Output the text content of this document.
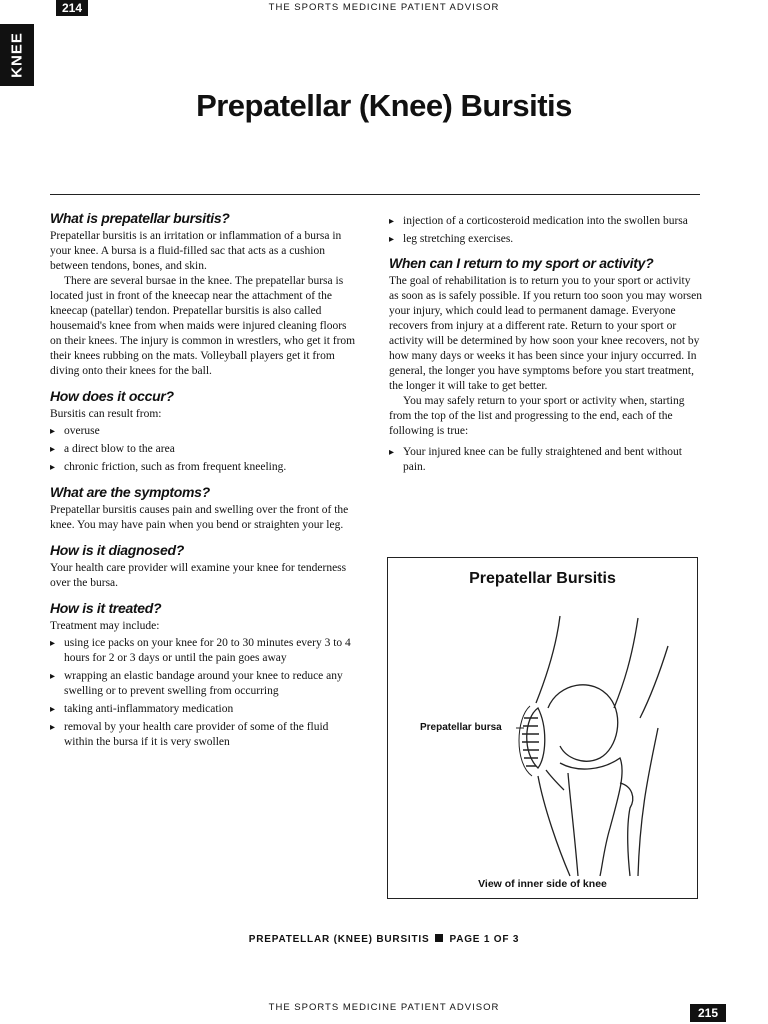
214	THE SPORTS MEDICINE PATIENT ADVISOR
KNEE
Prepatellar (Knee) Bursitis
What is prepatellar bursitis?

Prepatellar bursitis is an irritation or inflammation of a bursa in your knee. A bursa is a fluid-filled sac that acts as a cushion between tendons, bones, and skin.

There are several bursae in the knee. The prepatellar bursa is located just in front of the kneecap near the attachment of the kneecap (patellar) tendon. Prepatellar bursitis is also called housemaid's knee from when maids were injured cleaning floors on their knees. The injury is common in wrestlers, who get it from their knees rubbing on the mats. Volleyball players get it from diving onto their knees for the ball.

How does it occur?

Bursitis can result from:

▸ overuse
▸ a direct blow to the area
▸ chronic friction, such as from frequent kneeling.
What are the symptoms?

Prepatellar bursitis causes pain and swelling over the front of the knee. You may have pain when you bend or straighten your leg.

How is it diagnosed?

Your health care provider will examine your knee for tenderness over the bursa.

How is it treated?

Treatment may include:

▸ using ice packs on your knee for 20 to 30 minutes every 3 to 4 hours for 2 or 3 days or until the pain goes away
▸ wrapping an elastic bandage around your knee to reduce any swelling or to prevent swelling from occurring
▸ taking anti-inflammatory medication
▸ removal by your health care provider of some of the fluid within the bursa if it is very swollen
▸ injection of a corticosteroid medication into the swollen bursa
▸ leg stretching exercises.
When can I return to my sport or activity?

The goal of rehabilitation is to return you to your sport or activity as soon as is safely possible. If you return too soon you may worsen your injury, which could lead to permanent damage. Everyone recovers from injury at a different rate. Return to your sport or activity will be determined by how soon your knee recovers, not by how many days or weeks it has been since your injury occurred. In general, the longer you have symptoms before you start treatment, the longer it will take to get better.

You may safely return to your sport or activity when, starting from the top of the list and progressing to the end, each of the following is true:

▸ Your injured knee can be fully straightened and bent without pain.
Prepatellar Bursitis
Prepatellar bursa
View of inner side of knee
PREPATELLAR (KNEE) BURSITIS PAGE 1 OF 3
THE SPORTS MEDICINE PATIENT ADVISOR	215
